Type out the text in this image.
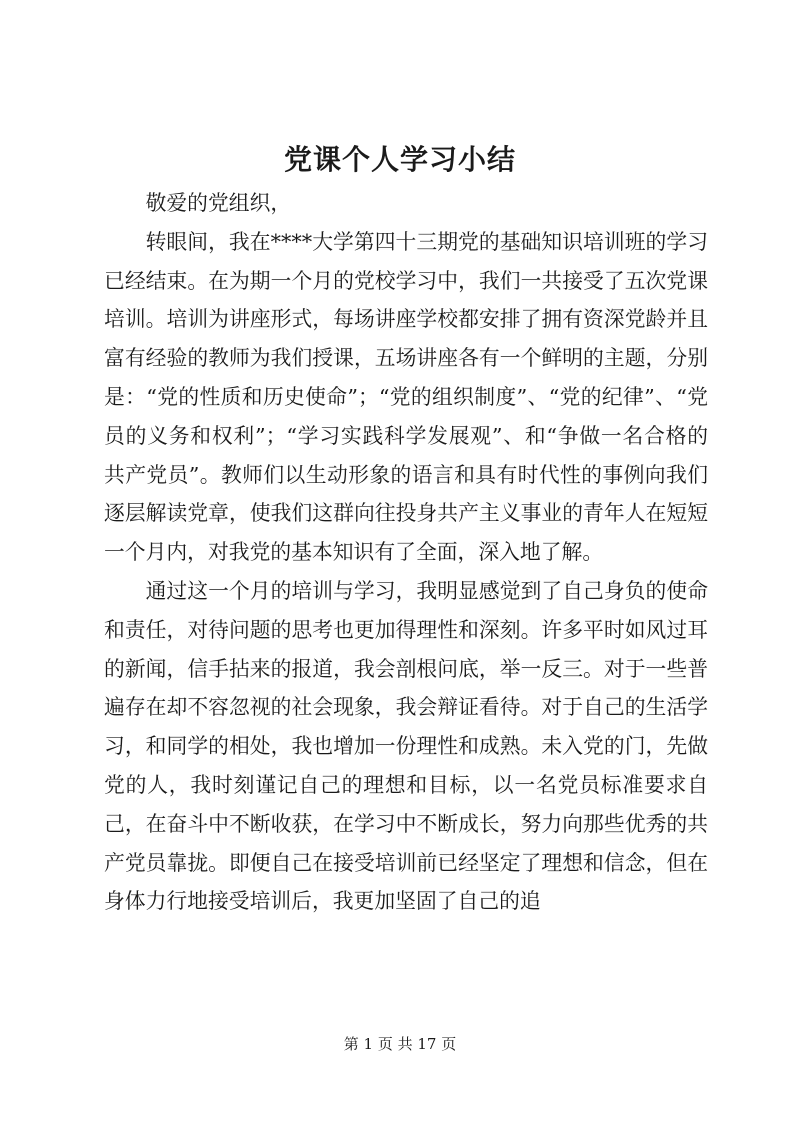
党课个人学习小结

敬爱的党组织，

转眼间，我在****大学第四十三期党的基础知识培训班的学习已经结束。在为期一个月的党校学习中，我们一共接受了五次党课培训。培训为讲座形式，每场讲座学校都安排了拥有资深党龄并且富有经验的教师为我们授课，五场讲座各有一个鲜明的主题，分别是：“党的性质和历史使命”；“党的组织制度”、“党的纪律”、“党员的义务和权利”；“学习实践科学发展观”、和“争做一名合格的共产党员”。教师们以生动形象的语言和具有时代性的事例向我们逐层解读党章，使我们这群向往投身共产主义事业的青年人在短短一个月内，对我党的基本知识有了全面，深入地了解。

通过这一个月的培训与学习，我明显感觉到了自己身负的使命和责任，对待问题的思考也更加得理性和深刻。许多平时如风过耳的新闻，信手拈来的报道，我会剖根问底，举一反三。对于一些普遍存在却不容忽视的社会现象，我会辩证看待。对于自己的生活学习，和同学的相处，我也增加一份理性和成熟。未入党的门，先做党的人，我时刻谨记自己的理想和目标，以一名党员标准要求自己，在奋斗中不断收获，在学习中不断成长，努力向那些优秀的共产党员靠拢。即便自己在接受培训前已经坚定了理想和信念，但在身体力行地接受培训后，我更加坚固了自己的追

第 1 页 共 17 页
